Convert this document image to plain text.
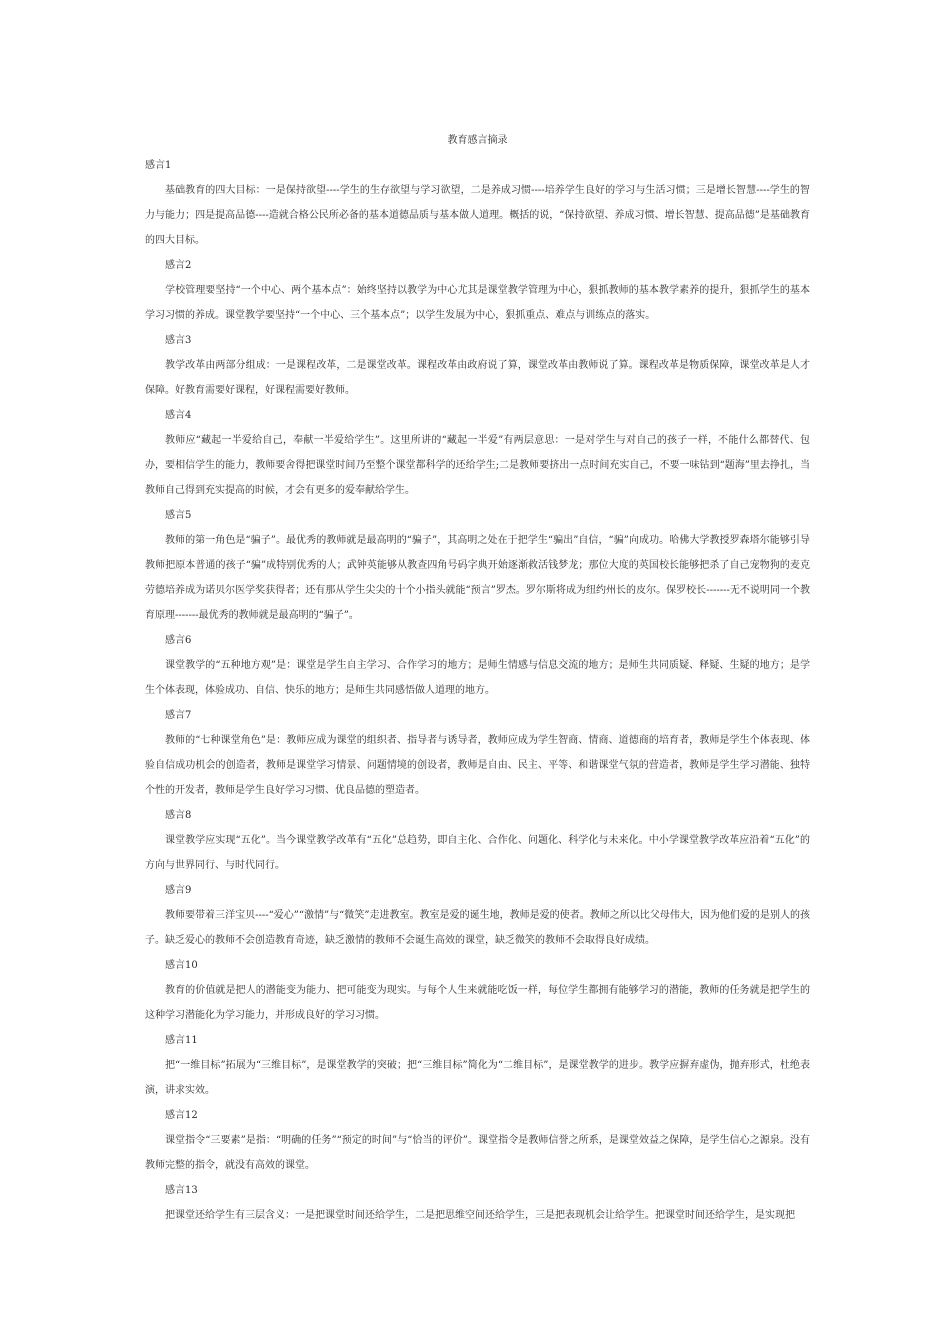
教育感言摘录

感言1

基础教育的四大目标：一是保持欲望----学生的生存欲望与学习欲望，二是养成习惯----培养学生良好的学习与生活习惯；三是增长智慧----学生的智力与能力；四是提高品德----造就合格公民所必备的基本道德品质与基本做人道理。概括的说，“保持欲望、养成习惯、增长智慧、提高品德”是基础教育的四大目标。

感言2

学校管理要坚持“一个中心、两个基本点”：始终坚持以教学为中心尤其是课堂教学管理为中心，狠抓教师的基本教学素养的提升，狠抓学生的基本学习习惯的养成。课堂教学要坚持“一个中心、三个基本点”；以学生发展为中心，狠抓重点、难点与训练点的落实。

感言3

教学改革由两部分组成：一是课程改革，二是课堂改革。课程改革由政府说了算，课堂改革由教师说了算。课程改革是物质保障，课堂改革是人才保障。好教育需要好课程，好课程需要好教师。

感言4

教师应“藏起一半爱给自己，奉献一半爱给学生”。这里所讲的“藏起一半爱”有两层意思：一是对学生与对自己的孩子一样，不能什么都替代、包办，要相信学生的能力，教师要舍得把课堂时间乃至整个课堂都科学的还给学生;二是教师要挤出一点时间充实自己，不要一味钻到“题海”里去挣扎，当教师自己得到充实提高的时候，才会有更多的爱奉献给学生。

感言5

教师的第一角色是“骗子”。最优秀的教师就是最高明的“骗子”，其高明之处在于把学生“骗出”自信，“骗”向成功。哈佛大学教授罗森塔尔能够引导教师把原本普通的孩子“骗”成特别优秀的人；武钟英能够从教查四角号码字典开始逐渐救活钱梦龙；那位大度的英国校长能够把杀了自己宠物狗的麦克劳德培养成为诺贝尔医学奖获得者；还有那从学生尖尖的十个小指头就能“预言”罗杰。罗尔斯将成为纽约州长的皮尔。保罗校长-------无不说明同一个教育原理-------最优秀的教师就是最高明的“骗子”。

感言6

课堂教学的“五种地方观”是：课堂是学生自主学习、合作学习的地方；是师生情感与信息交流的地方；是师生共同质疑、释疑、生疑的地方；是学生个体表现，体验成功、自信、快乐的地方；是师生共同感悟做人道理的地方。

感言7

教师的“七种课堂角色”是：教师应成为课堂的组织者、指导者与诱导者，教师应成为学生智商、情商、道德商的培育者，教师是学生个体表现、体验自信成功机会的创造者，教师是课堂学习情景、问题情境的创设者，教师是自由、民主、平等、和谐课堂气氛的营造者，教师是学生学习潜能、独特个性的开发者，教师是学生良好学习习惯、优良品德的塑造者。

感言8

课堂教学应实现“五化”。当今课堂教学改革有“五化”总趋势，即自主化、合作化、问题化、科学化与未来化。中小学课堂教学改革应沿着“五化”的方向与世界同行、与时代同行。

感言9

教师要带着三洋宝贝----“爱心”“激情”与“微笑”走进教室。教室是爱的诞生地，教师是爱的使者。教师之所以比父母伟大，因为他们爱的是别人的孩子。缺乏爱心的教师不会创造教育奇迹，缺乏激情的教师不会诞生高效的课堂，缺乏微笑的教师不会取得良好成绩。

感言10

教育的价值就是把人的潜能变为能力、把可能变为现实。与每个人生来就能吃饭一样，每位学生都拥有能够学习的潜能，教师的任务就是把学生的这种学习潜能化为学习能力，并形成良好的学习习惯。

感言11

把“一维目标”拓展为“三维目标”，是课堂教学的突破；把“三维目标”简化为“二维目标”，是课堂教学的进步。教学应摒弃虚伪，抛弃形式，杜绝表演，讲求实效。

感言12

课堂指令“三要素”是指：“明确的任务”“预定的时间”与“恰当的评价”。课堂指令是教师信誉之所系，是课堂效益之保障，是学生信心之源泉。没有教师完整的指令，就没有高效的课堂。

感言13

把课堂还给学生有三层含义：一是把课堂时间还给学生，二是把思维空间还给学生，三是把表现机会让给学生。把课堂时间还给学生，是实现把
